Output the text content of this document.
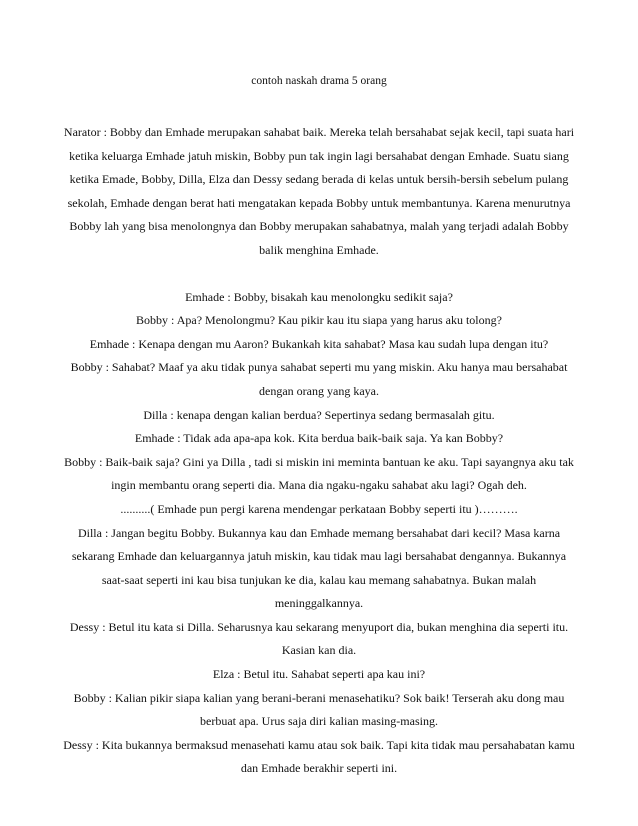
contoh naskah drama 5 orang

Narator : Bobby dan Emhade merupakan sahabat baik. Mereka telah bersahabat sejak kecil, tapi suata hari ketika keluarga Emhade jatuh miskin, Bobby pun tak ingin lagi bersahabat dengan Emhade. Suatu siang ketika Emade, Bobby, Dilla, Elza dan Dessy sedang berada di kelas untuk bersih-bersih sebelum pulang sekolah, Emhade dengan berat hati mengatakan kepada Bobby untuk membantunya. Karena menurutnya Bobby lah yang bisa menolongnya dan Bobby merupakan sahabatnya, malah yang terjadi adalah Bobby balik menghina Emhade.

Emhade : Bobby, bisakah kau menolongku sedikit saja?

Bobby : Apa? Menolongmu? Kau pikir kau itu siapa yang harus aku tolong?

Emhade : Kenapa dengan mu Aaron? Bukankah kita sahabat? Masa kau sudah lupa dengan itu?

Bobby : Sahabat? Maaf ya aku tidak punya sahabat seperti mu yang miskin. Aku hanya mau bersahabat dengan orang yang kaya.

Dilla : kenapa dengan kalian berdua? Sepertinya sedang bermasalah gitu.

Emhade : Tidak ada apa-apa kok. Kita berdua baik-baik saja. Ya kan Bobby?

Bobby : Baik-baik saja? Gini ya Dilla , tadi si miskin ini meminta bantuan ke aku. Tapi sayangnya aku tak ingin membantu orang seperti dia. Mana dia ngaku-ngaku sahabat aku lagi? Ogah deh.

..........( Emhade pun pergi karena mendengar perkataan Bobby seperti itu )……….

Dilla : Jangan begitu Bobby. Bukannya kau dan Emhade memang bersahabat dari kecil? Masa karna sekarang Emhade dan keluargannya jatuh miskin, kau tidak mau lagi bersahabat dengannya. Bukannya saat-saat seperti ini kau bisa tunjukan ke dia, kalau kau memang sahabatnya. Bukan malah meninggalkannya.

Dessy : Betul itu kata si Dilla. Seharusnya kau sekarang menyuport dia, bukan menghina dia seperti itu. Kasian kan dia.

Elza : Betul itu. Sahabat seperti apa kau ini?

Bobby : Kalian pikir siapa kalian yang berani-berani menasehatiku? Sok baik! Terserah aku dong mau berbuat apa. Urus saja diri kalian masing-masing.

Dessy : Kita bukannya bermaksud menasehati kamu atau sok baik. Tapi kita tidak mau persahabatan kamu dan Emhade berakhir seperti ini.
